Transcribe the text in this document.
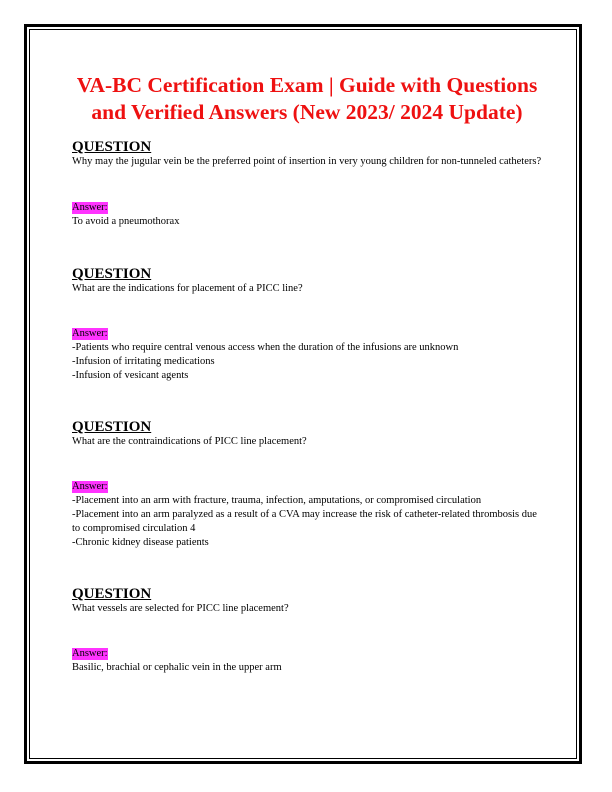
VA-BC Certification Exam | Guide with Questions and Verified Answers (New 2023/ 2024 Update)
QUESTION
Why may the jugular vein be the preferred point of insertion in very young children for non-tunneled catheters?
Answer:
To avoid a pneumothorax
QUESTION
What are the indications for placement of a PICC line?
Answer:
-Patients who require central venous access when the duration of the infusions are unknown
-Infusion of irritating medications
-Infusion of vesicant agents
QUESTION
What are the contraindications of PICC line placement?
Answer:
-Placement into an arm with fracture, trauma, infection, amputations, or compromised circulation
-Placement into an arm paralyzed as a result of a CVA may increase the risk of catheter-related thrombosis due to compromised circulation 4
-Chronic kidney disease patients
QUESTION
What vessels are selected for PICC line placement?
Answer:
Basilic, brachial or cephalic vein in the upper arm
